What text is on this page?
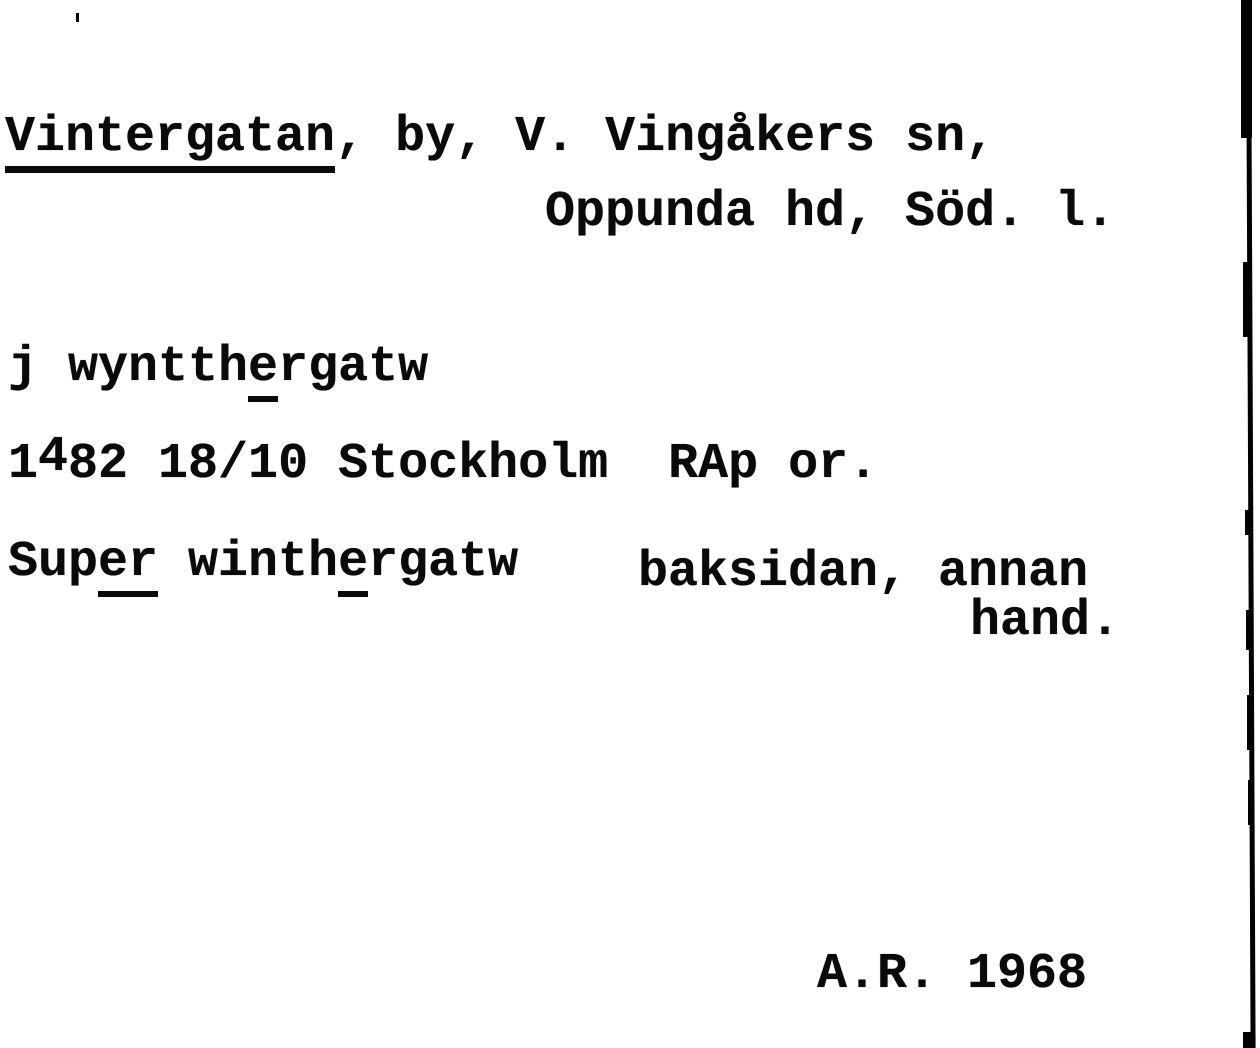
Vintergatan, by, V. Vingåkers sn,
Oppunda hd, Söd. l.
j wyntthergatw
1482 18/10 Stockholm  RAp or.
Super winthergatw baksidan, annan
hand.
A.R. 1968
